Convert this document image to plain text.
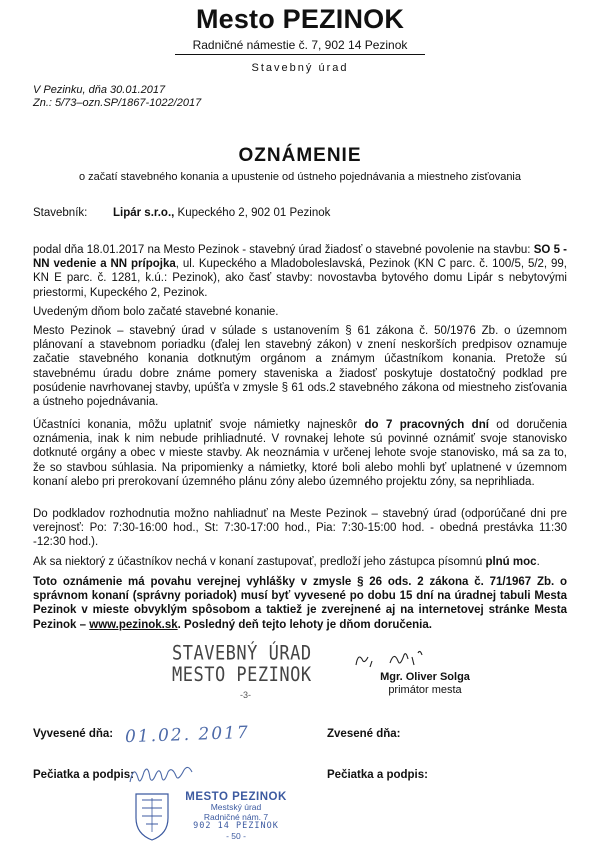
Mesto PEZINOK
Radničné námestie č. 7, 902 14 Pezinok
Stavebný úrad
V Pezinku, dňa 30.01.2017
Zn.: 5/73–ozn.SP/1867-1022/2017
OZNÁMENIE
o začatí stavebného konania a upustenie od ústneho pojednávania a miestneho zisťovania
Stavebník: Lipár s.r.o., Kupeckého 2, 902 01 Pezinok

podal dňa 18.01.2017 na Mesto Pezinok - stavebný úrad žiadosť o stavebné povolenie na stavbu: SO 5 - NN vedenie a NN prípojka, ul. Kupeckého a Mladoboleslavská, Pezinok (KN C parc. č. 100/5, 5/2, 99, KN E parc. č. 1281, k.ú.: Pezinok), ako časť stavby: novostavba bytového domu Lipár s nebytovými priestormi, Kupeckého 2, Pezinok.

Uvedeným dňom bolo začaté stavebné konanie.

Mesto Pezinok – stavebný úrad v súlade s ustanovením § 61 zákona č. 50/1976 Zb. o územnom plánovaní a stavebnom poriadku (ďalej len stavebný zákon) v znení neskorších predpisov oznamuje začatie stavebného konania dotknutým orgánom a známym účastníkom konania. Pretože sú stavebnému úradu dobre známe pomery staveniska a žiadosť poskytuje dostatočný podklad pre posúdenie navrhovanej stavby, upúšťa v zmysle § 61 ods.2 stavebného zákona od miestneho zisťovania a ústneho pojednávania.

Účastníci konania, môžu uplatniť svoje námietky najneskôr do 7 pracovných dní od doručenia oznámenia, inak k nim nebude prihliadnuté. V rovnakej lehote sú povinné oznámiť svoje stanovisko dotknuté orgány a obec v mieste stavby. Ak neoznámia v určenej lehote svoje stanovisko, má sa za to, že so stavbou súhlasia. Na pripomienky a námietky, ktoré boli alebo mohli byť uplatnené v územnom konaní alebo pri prerokovaní územného plánu zóny alebo územného projektu zóny, sa neprihliada.

Do podkladov rozhodnutia možno nahliadnuť na Meste Pezinok – stavebný úrad (odporúčané dni pre verejnosť: Po: 7:30-16:00 hod., St: 7:30-17:00 hod., Pia: 7:30-15:00 hod. - obedná prestávka 11:30 -12:30 hod.).

Ak sa niektorý z účastníkov nechá v konaní zastupovať, predloží jeho zástupca písomnú plnú moc.

Toto oznámenie má povahu verejnej vyhlášky v zmysle § 26 ods. 2 zákona č. 71/1967 Zb. o správnom konaní (správny poriadok) musí byť vyvesené po dobu 15 dní na úradnej tabuli Mesta Pezinok v mieste obvyklým spôsobom a taktiež je zverejnené aj na internetovej stránke Mesta Pezinok – www.pezinok.sk. Posledný deň tejto lehoty je dňom doručenia.

STAVEBNÝ ÚRAD
MESTO PEZINOK
-3-
Mgr. Oliver Solga
primátor mesta
Vyvesené dňa: 01.02. 2017	Zvesené dňa:
Pečiatka a podpis:	Pečiatka a podpis:
MESTO PEZINOK
Mestský úrad
Radničné nám. 7
902 14 PEZINOK
- 50 -
